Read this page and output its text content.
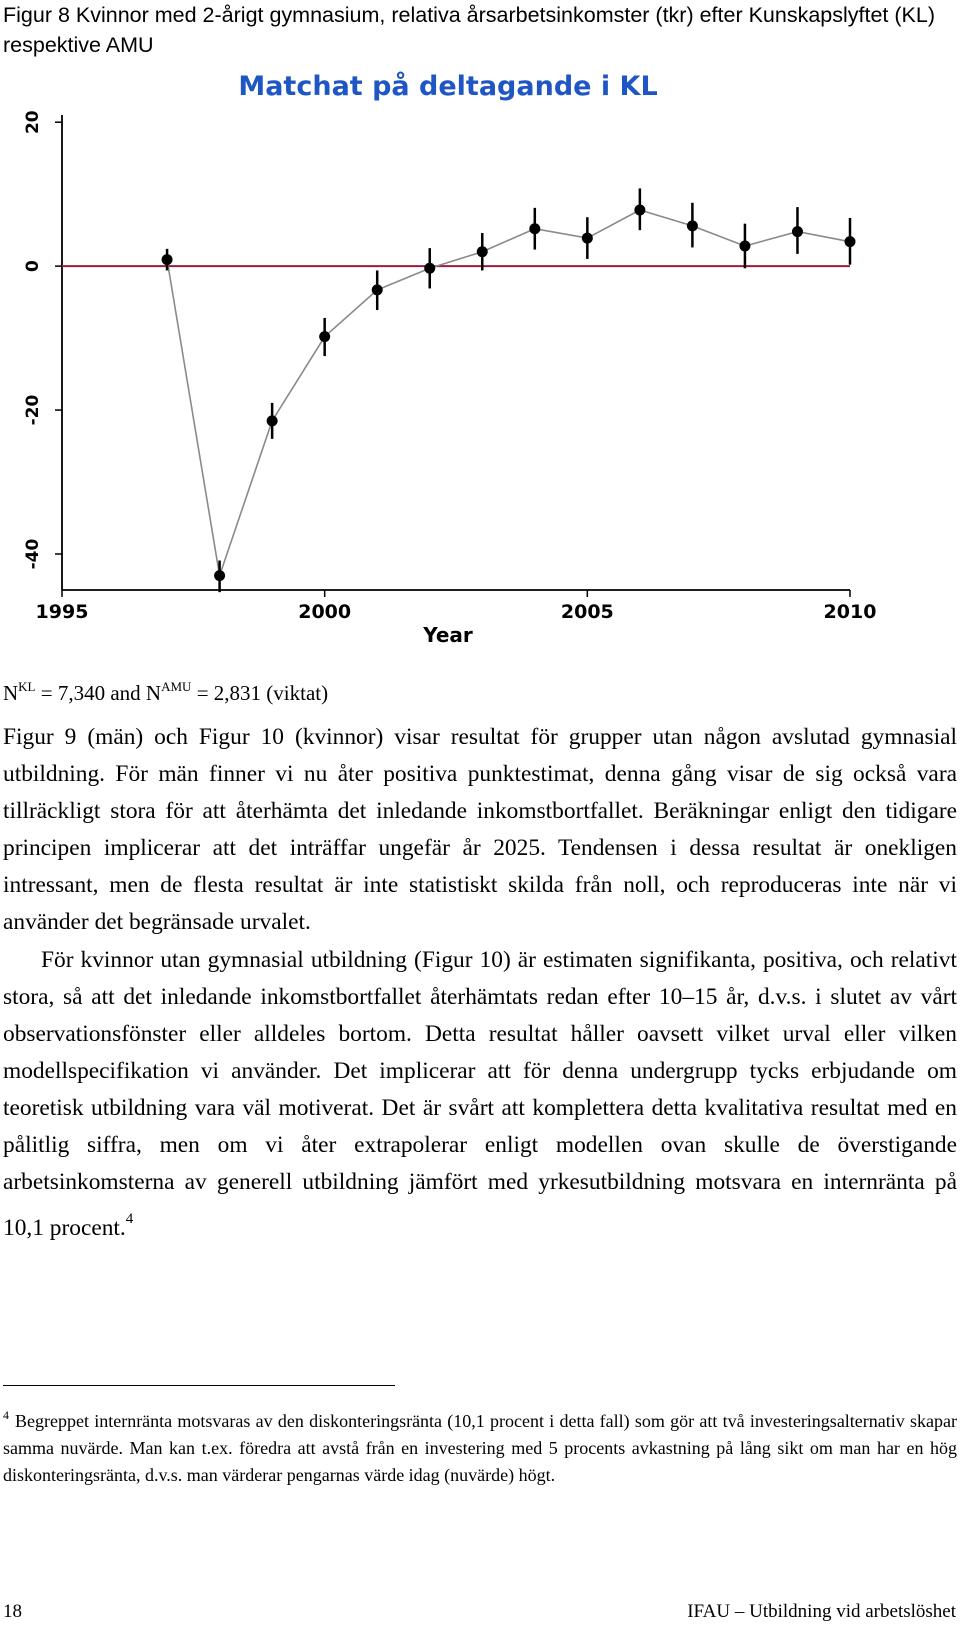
Figur 8 Kvinnor med 2-årigt gymnasium, relativa årsarbetsinkomster (tkr) efter Kunskapslyftet (KL) respektive AMU
Matchat på deltagande i KL
-40
-20
0
20
1995	2000	2005	2010
Year
$N^{KL} = 7,340$ and $N^{AMU} = 2,831$ (viktat)

Figur 9 (män) och Figur 10 (kvinnor) visar resultat för grupper utan någon avslutad gymnasial utbildning. För män finner vi nu åter positiva punktestimat, denna gång visar de sig också vara tillräckligt stora för att återhämta det inledande inkomstbortfallet. Beräkningar enligt den tidigare principen implicerar att det inträffar ungefär år 2025. Tendensen i dessa resultat är onekligen intressant, men de flesta resultat är inte statistiskt skilda från noll, och reproduceras inte när vi använder det begränsade urvalet.

För kvinnor utan gymnasial utbildning (Figur 10) är estimaten signifikanta, positiva, och relativt stora, så att det inledande inkomstbortfallet återhämtats redan efter 10–15 år, d.v.s. i slutet av vårt observationsfönster eller alldeles bortom. Detta resultat håller oavsett vilket urval eller vilken modellspecifikation vi använder. Det implicerar att för denna undergrupp tycks erbjudande om teoretisk utbildning vara väl motiverat. Det är svårt att komplettera detta kvalitativa resultat med en pålitlig siffra, men om vi åter extrapolerar enligt modellen ovan skulle de överstigande arbetsinkomsterna av generell utbildning jämfört med yrkesutbildning motsvara en internränta på 10,1 procent.$^4$

$^4$ Begreppet internränta motsvaras av den diskonteringsränta (10,1 procent i detta fall) som gör att två investeringsalternativ skapar samma nuvärde. Man kan t.ex. föredra att avstå från en investering med 5 procents avkastning på lång sikt om man har en hög diskonteringsränta, d.v.s. man värderar pengarnas värde idag (nuvärde) högt.
18	IFAU – Utbildning vid arbetslöshet
